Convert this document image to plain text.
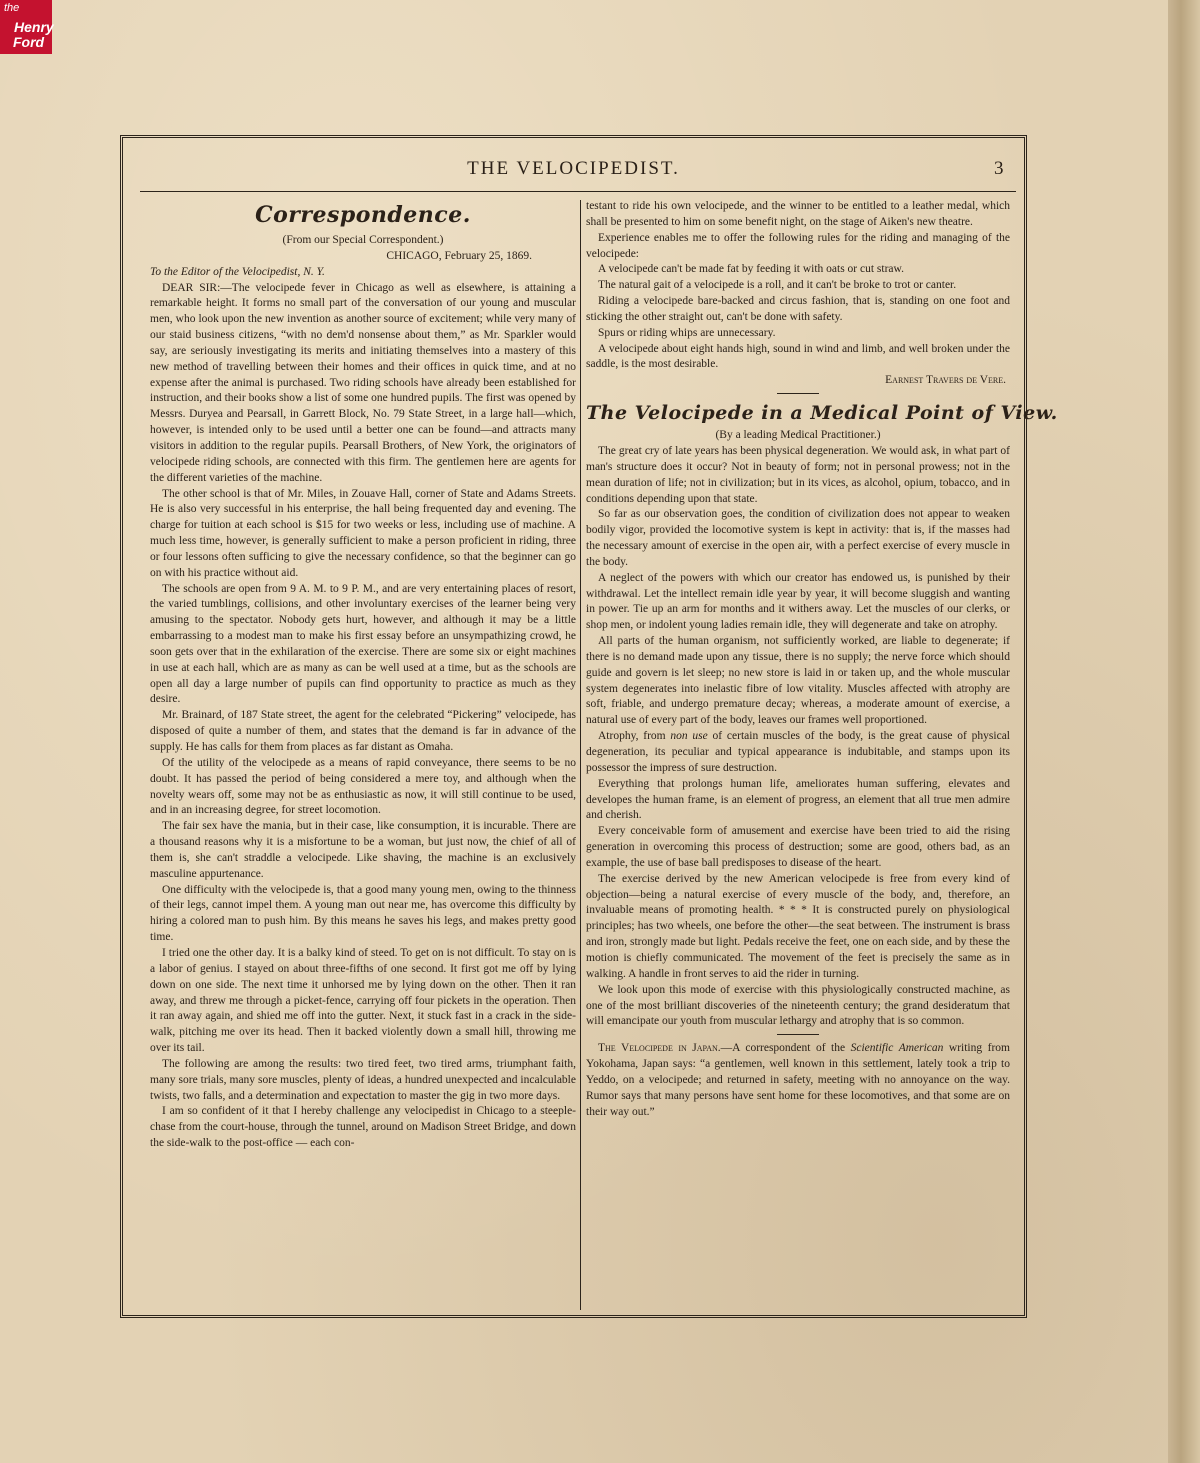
the
Henry
Ford
THE VELOCIPEDIST.	3
Correspondence.

(From our Special Correspondent.)

CHICAGO, February 25, 1869.

To the Editor of the Velocipedist, N. Y.

DEAR SIR:—The velocipede fever in Chicago as well as elsewhere, is attaining a remarkable height. It forms no small part of the conversation of our young and muscular men, who look upon the new invention as another source of excitement; while very many of our staid business citizens, “with no dem'd nonsense about them,” as Mr. Sparkler would say, are seriously investigating its merits and initiating themselves into a mastery of this new method of travelling between their homes and their offices in quick time, and at no expense after the animal is purchased. Two riding schools have already been established for instruction, and their books show a list of some one hundred pupils. The first was opened by Messrs. Duryea and Pearsall, in Garrett Block, No. 79 State Street, in a large hall—which, however, is intended only to be used until a better one can be found—and attracts many visitors in addition to the regular pupils. Pearsall Brothers, of New York, the originators of velocipede riding schools, are connected with this firm. The gentlemen here are agents for the different varieties of the machine.

The other school is that of Mr. Miles, in Zouave Hall, corner of State and Adams Streets. He is also very successful in his enterprise, the hall being frequented day and evening. The charge for tuition at each school is $15 for two weeks or less, including use of machine. A much less time, however, is generally sufficient to make a person proficient in riding, three or four lessons often sufficing to give the necessary confidence, so that the beginner can go on with his practice without aid.

The schools are open from 9 A. M. to 9 P. M., and are very entertaining places of resort, the varied tumblings, collisions, and other involuntary exercises of the learner being very amusing to the spectator. Nobody gets hurt, however, and although it may be a little embarrassing to a modest man to make his first essay before an unsympathizing crowd, he soon gets over that in the exhilaration of the exercise. There are some six or eight machines in use at each hall, which are as many as can be well used at a time, but as the schools are open all day a large number of pupils can find opportunity to practice as much as they desire.

Mr. Brainard, of 187 State street, the agent for the celebrated “Pickering” velocipede, has disposed of quite a number of them, and states that the demand is far in advance of the supply. He has calls for them from places as far distant as Omaha.

Of the utility of the velocipede as a means of rapid conveyance, there seems to be no doubt. It has passed the period of being considered a mere toy, and although when the novelty wears off, some may not be as enthusiastic as now, it will still continue to be used, and in an increasing degree, for street locomotion.

The fair sex have the mania, but in their case, like consumption, it is incurable. There are a thousand reasons why it is a misfortune to be a woman, but just now, the chief of all of them is, she can't straddle a velocipede. Like shaving, the machine is an exclusively masculine appurtenance.

One difficulty with the velocipede is, that a good many young men, owing to the thinness of their legs, cannot impel them. A young man out near me, has overcome this difficulty by hiring a colored man to push him. By this means he saves his legs, and makes pretty good time.

I tried one the other day. It is a balky kind of steed. To get on is not difficult. To stay on is a labor of genius. I stayed on about three-fifths of one second. It first got me off by lying down on one side. The next time it unhorsed me by lying down on the other. Then it ran away, and threw me through a picket-fence, carrying off four pickets in the operation. Then it ran away again, and shied me off into the gutter. Next, it stuck fast in a crack in the side-walk, pitching me over its head. Then it backed violently down a small hill, throwing me over its tail.

The following are among the results: two tired feet, two tired arms, triumphant faith, many sore trials, many sore muscles, plenty of ideas, a hundred unexpected and incalculable twists, two falls, and a determination and expectation to master the gig in two more days.

I am so confident of it that I hereby challenge any velocipedist in Chicago to a steeple-chase from the court-house, through the tunnel, around on Madison Street Bridge, and down the side-walk to the post-office — each con-

testant to ride his own velocipede, and the winner to be entitled to a leather medal, which shall be presented to him on some benefit night, on the stage of Aiken's new theatre.

Experience enables me to offer the following rules for the riding and managing of the velocipede:

A velocipede can't be made fat by feeding it with oats or cut straw.

The natural gait of a velocipede is a roll, and it can't be broke to trot or canter.

Riding a velocipede bare-backed and circus fashion, that is, standing on one foot and sticking the other straight out, can't be done with safety.

Spurs or riding whips are unnecessary.

A velocipede about eight hands high, sound in wind and limb, and well broken under the saddle, is the most desirable.

Earnest Travers de Vere.

The Velocipede in a Medical Point of View.

(By a leading Medical Practitioner.)

The great cry of late years has been physical degeneration. We would ask, in what part of man's structure does it occur? Not in beauty of form; not in personal prowess; not in the mean duration of life; not in civilization; but in its vices, as alcohol, opium, tobacco, and in conditions depending upon that state.

So far as our observation goes, the condition of civilization does not appear to weaken bodily vigor, provided the locomotive system is kept in activity: that is, if the masses had the necessary amount of exercise in the open air, with a perfect exercise of every muscle in the body.

A neglect of the powers with which our creator has endowed us, is punished by their withdrawal. Let the intellect remain idle year by year, it will become sluggish and wanting in power. Tie up an arm for months and it withers away. Let the muscles of our clerks, or shop men, or indolent young ladies remain idle, they will degenerate and take on atrophy.

All parts of the human organism, not sufficiently worked, are liable to degenerate; if there is no demand made upon any tissue, there is no supply; the nerve force which should guide and govern is let sleep; no new store is laid in or taken up, and the whole muscular system degenerates into inelastic fibre of low vitality. Muscles affected with atrophy are soft, friable, and undergo premature decay; whereas, a moderate amount of exercise, a natural use of every part of the body, leaves our frames well proportioned.

Atrophy, from non use of certain muscles of the body, is the great cause of physical degeneration, its peculiar and typical appearance is indubitable, and stamps upon its possessor the impress of sure destruction.

Everything that prolongs human life, ameliorates human suffering, elevates and developes the human frame, is an element of progress, an element that all true men admire and cherish.

Every conceivable form of amusement and exercise have been tried to aid the rising generation in overcoming this process of destruction; some are good, others bad, as an example, the use of base ball predisposes to disease of the heart.

The exercise derived by the new American velocipede is free from every kind of objection—being a natural exercise of every muscle of the body, and, therefore, an invaluable means of promoting health. * * * It is constructed purely on physiological principles; has two wheels, one before the other—the seat between. The instrument is brass and iron, strongly made but light. Pedals receive the feet, one on each side, and by these the motion is chiefly communicated. The movement of the feet is precisely the same as in walking. A handle in front serves to aid the rider in turning.

We look upon this mode of exercise with this physiologically constructed machine, as one of the most brilliant discoveries of the nineteenth century; the grand desideratum that will emancipate our youth from muscular lethargy and atrophy that is so common.

The Velocipede in Japan.—A correspondent of the Scientific American writing from Yokohama, Japan says: “a gentlemen, well known in this settlement, lately took a trip to Yeddo, on a velocipede; and returned in safety, meeting with no annoyance on the way. Rumor says that many persons have sent home for these locomotives, and that some are on their way out.”
